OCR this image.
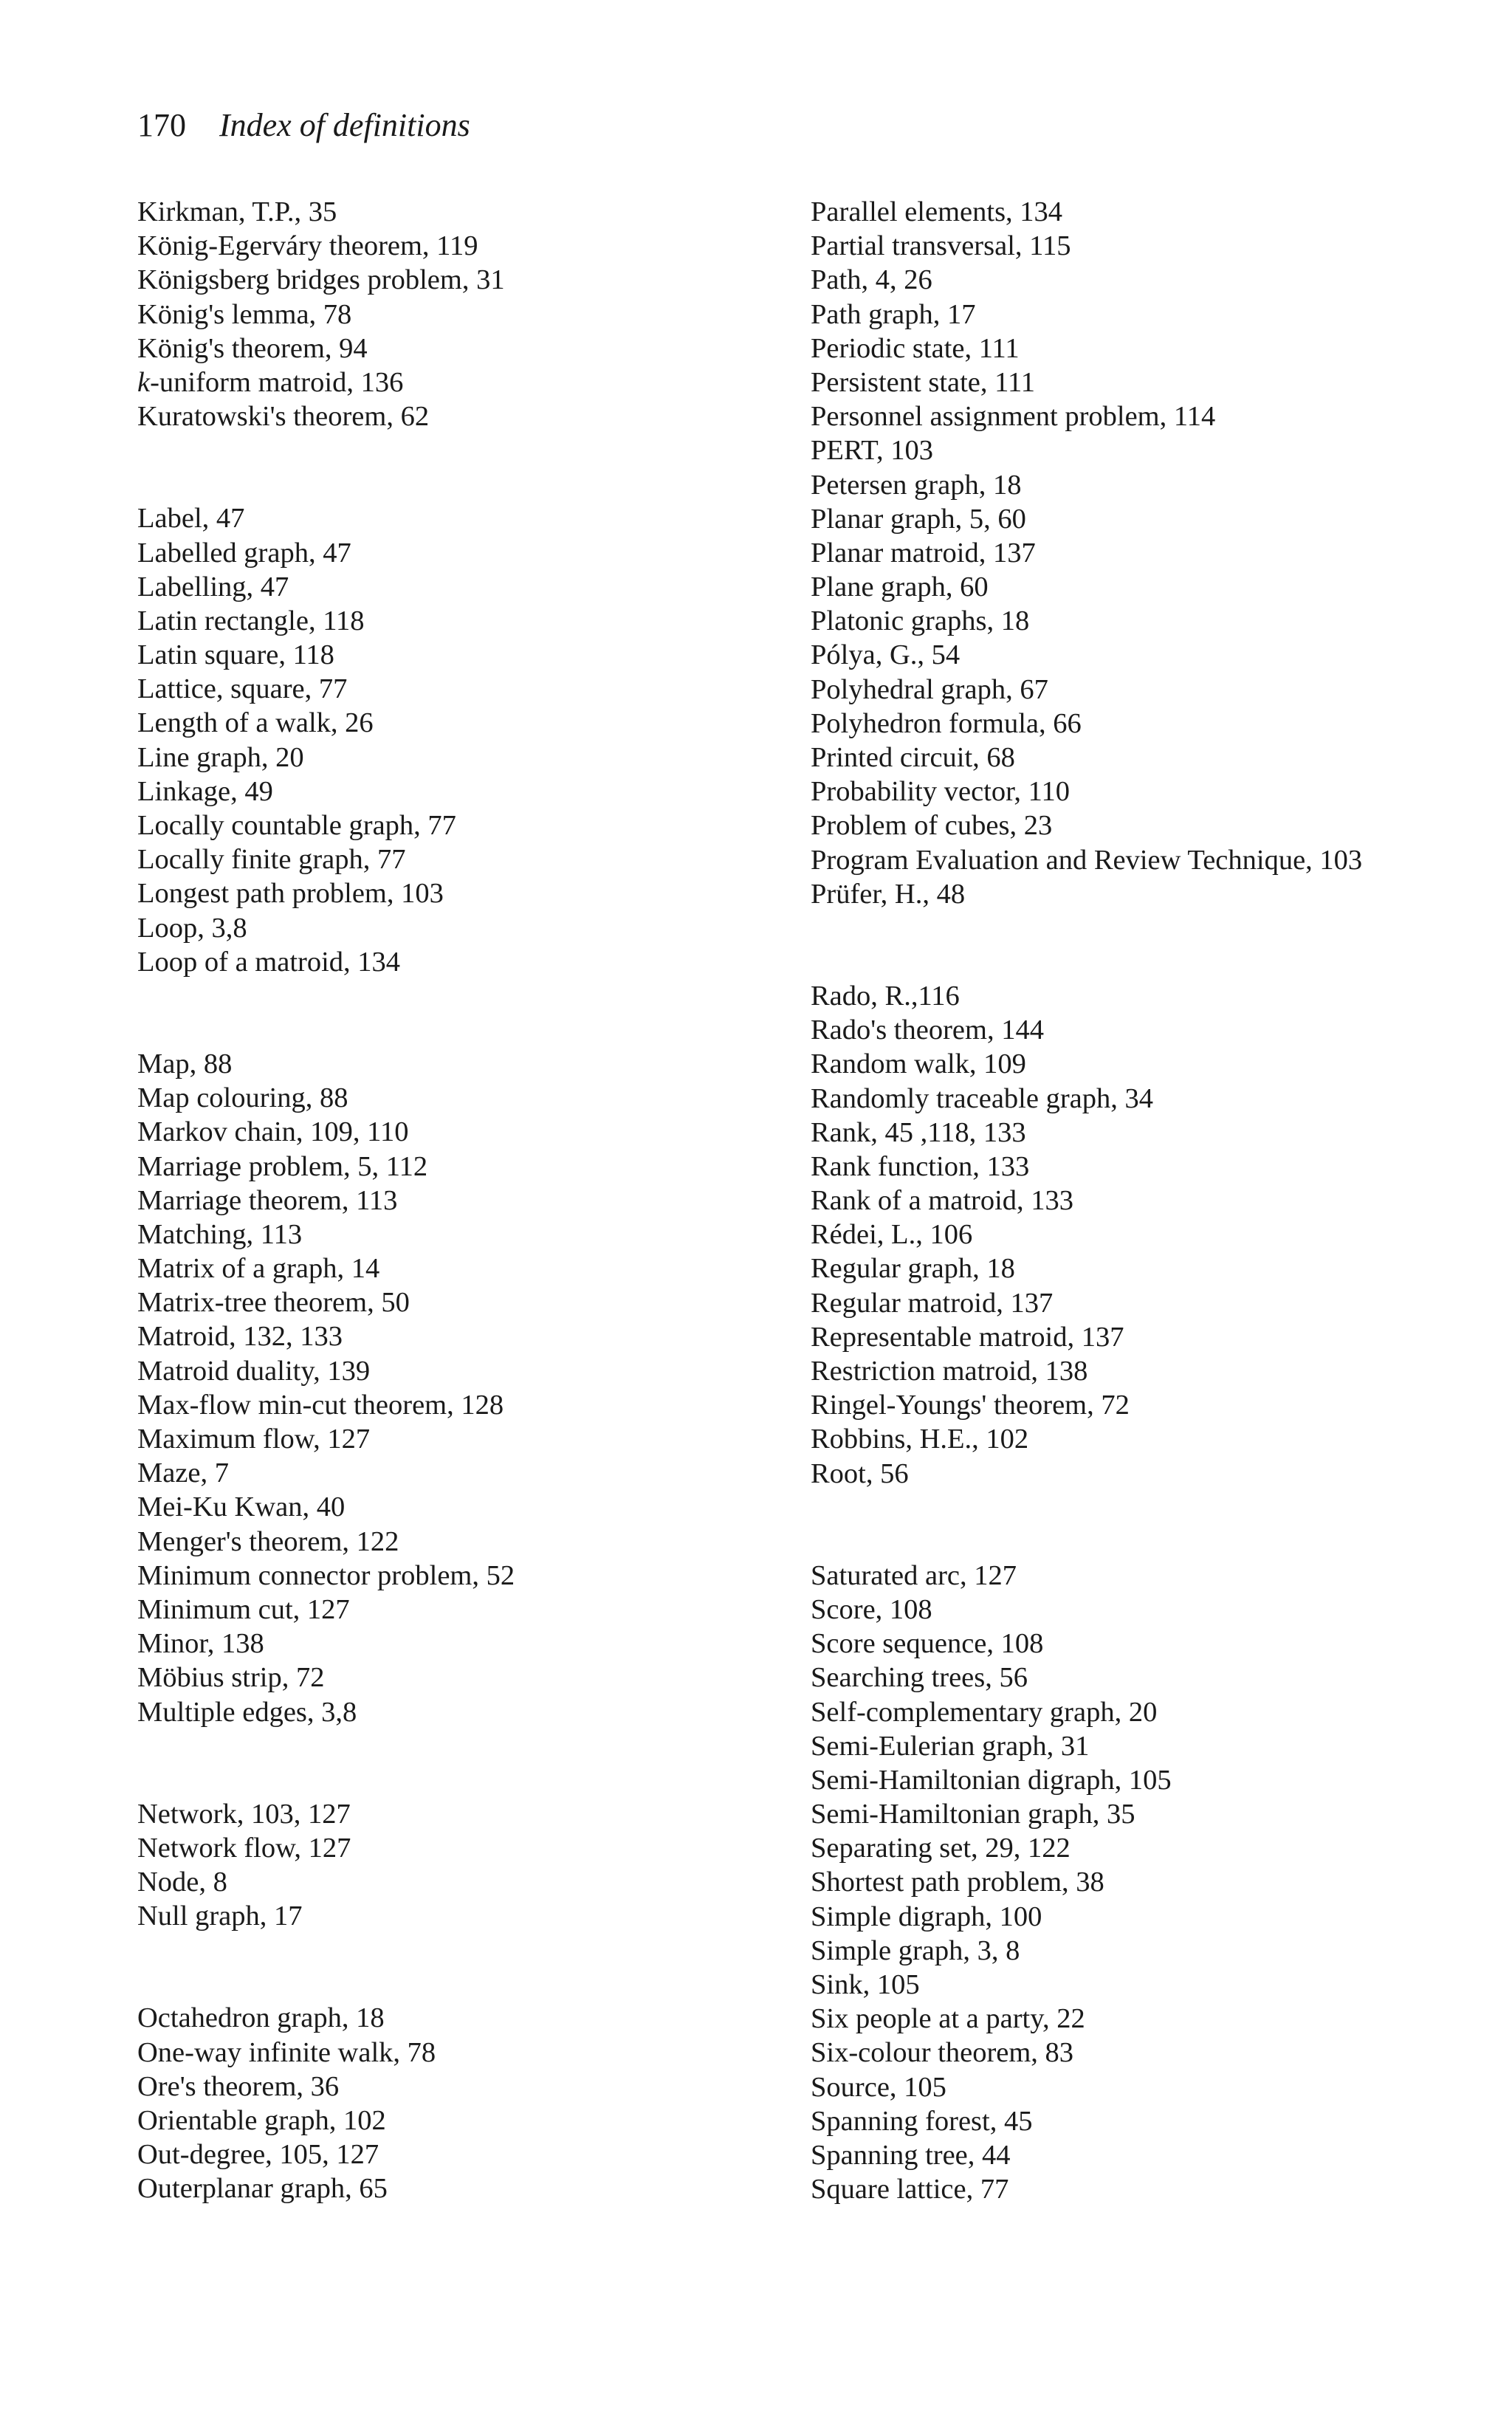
170 Index of definitions
Kirkman, T.P., 35
König-Egerváry theorem, 119
Königsberg bridges problem, 31
König's lemma, 78
König's theorem, 94
k-uniform matroid, 136
Kuratowski's theorem, 62
Label, 47
Labelled graph, 47
Labelling, 47
Latin rectangle, 118
Latin square, 118
Lattice, square, 77
Length of a walk, 26
Line graph, 20
Linkage, 49
Locally countable graph, 77
Locally finite graph, 77
Longest path problem, 103
Loop, 3,8
Loop of a matroid, 134
Map, 88
Map colouring, 88
Markov chain, 109, 110
Marriage problem, 5, 112
Marriage theorem, 113
Matching, 113
Matrix of a graph, 14
Matrix-tree theorem, 50
Matroid, 132, 133
Matroid duality, 139
Max-flow min-cut theorem, 128
Maximum flow, 127
Maze, 7
Mei-Ku Kwan, 40
Menger's theorem, 122
Minimum connector problem, 52
Minimum cut, 127
Minor, 138
Möbius strip, 72
Multiple edges, 3,8
Network, 103, 127
Network flow, 127
Node, 8
Null graph, 17
Octahedron graph, 18
One-way infinite walk, 78
Ore's theorem, 36
Orientable graph, 102
Out-degree, 105, 127
Outerplanar graph, 65
Parallel elements, 134
Partial transversal, 115
Path, 4, 26
Path graph, 17
Periodic state, 111
Persistent state, 111
Personnel assignment problem, 114
PERT, 103
Petersen graph, 18
Planar graph, 5, 60
Planar matroid, 137
Plane graph, 60
Platonic graphs, 18
Pólya, G., 54
Polyhedral graph, 67
Polyhedron formula, 66
Printed circuit, 68
Probability vector, 110
Problem of cubes, 23
Program Evaluation and Review Technique, 103
Prüfer, H., 48
Rado, R.,116
Rado's theorem, 144
Random walk, 109
Randomly traceable graph, 34
Rank, 45 ,118, 133
Rank function, 133
Rank of a matroid, 133
Rédei, L., 106
Regular graph, 18
Regular matroid, 137
Representable matroid, 137
Restriction matroid, 138
Ringel-Youngs' theorem, 72
Robbins, H.E., 102
Root, 56
Saturated arc, 127
Score, 108
Score sequence, 108
Searching trees, 56
Self-complementary graph, 20
Semi-Eulerian graph, 31
Semi-Hamiltonian digraph, 105
Semi-Hamiltonian graph, 35
Separating set, 29, 122
Shortest path problem, 38
Simple digraph, 100
Simple graph, 3, 8
Sink, 105
Six people at a party, 22
Six-colour theorem, 83
Source, 105
Spanning forest, 45
Spanning tree, 44
Square lattice, 77
